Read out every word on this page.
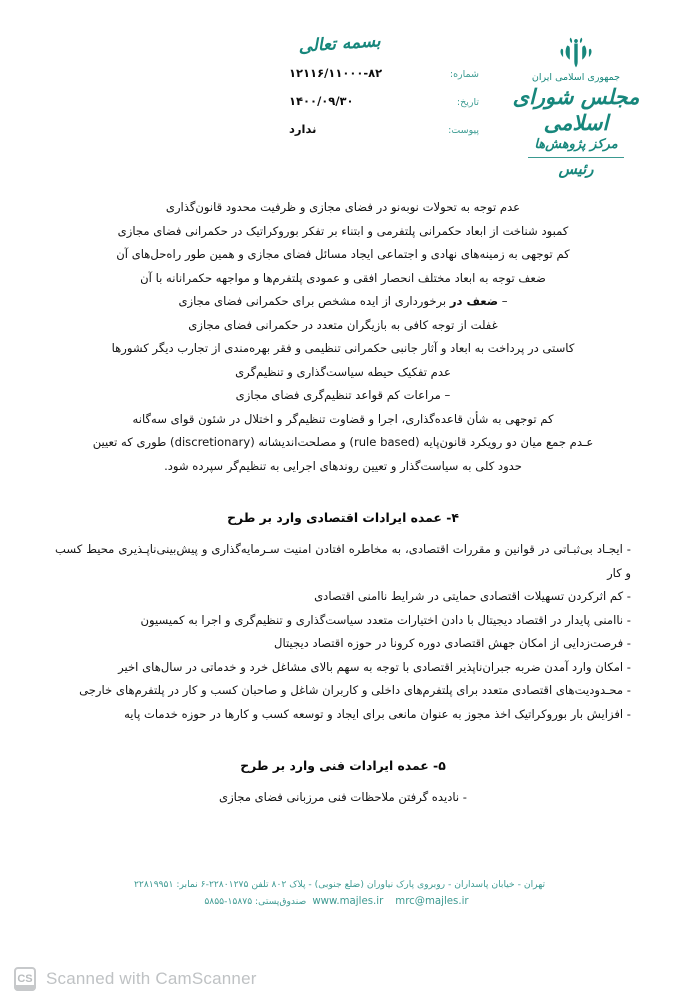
بسمه تعالی
جمهوری اسلامی ایران
مجلس شورای اسلامی
مرکز پژوهش‌ها
رئیس
شماره:
۱۲۱۱۶/۱۱۰۰۰-۸۲
تاریخ:
۱۴۰۰/۰۹/۳۰
پیوست:
ندارد
عدم توجه به تحولات نوبه‌نو در فضای مجازی و ظرفیت محدود قانون‌گذاری
کمبود شناخت از ابعاد حکمرانی پلتفرمی و ابتناء بر تفکر بوروکراتیک در حکمرانی فضای مجازی
کم توجهی به زمینه‌های نهادی و اجتماعی ایجاد مسائل فضای مجازی و همین طور راه‌حل‌های آن
ضعف توجه به ابعاد مختلف انحصار افقی و عمودی پلتفرم‌ها و مواجهه حکمرانانه با آن
– ضعف در برخورداری از ایده مشخص برای حکمرانی فضای مجازی
غفلت از توجه کافی به بازیگران متعدد در حکمرانی فضای مجازی
کاستی در پرداخت به ابعاد و آثار جانبی حکمرانی تنظیمی و فقر بهره‌مندی از تجارب دیگر کشورها
عدم تفکیک حیطه سیاست‌گذاری و تنظیم‌گری
– مراعات کم قواعد تنظیم‌گری فضای مجازی
کم توجهی به شأن قاعده‌گذاری، اجرا و قضاوت تنظیم‌گر و اختلال در شئون قوای سه‌گانه
عـدم جمع میان دو رویکرد قانون‌پایه (rule based) و مصلحت‌اندیشانه (discretionary) طوری که تعیین
حدود کلی به سیاست‌گذار و تعیین روندهای اجرایی به تنظیم‌گر سپرده شود.
۴- عمده ایرادات اقتصادی وارد بر طرح
- ایجـاد بی‌ثبـاتی در قوانین و مقررات اقتصادی، به مخاطره افتادن امنیت سـرمایه‌گذاری و پیش‌بینی‌ناپـذیری محیط کسب و کار
- کم اثرکردن تسهیلات اقتصادی حمایتی در شرایط ناامنی اقتصادی
- ناامنی پایدار در اقتصاد دیجیتال با دادن اختیارات متعدد سیاست‌گذاری و تنظیم‌گری و اجرا به کمیسیون
- فرصت‌زدایی از امکان جهش اقتصادی دوره کرونا در حوزه اقتصاد دیجیتال
- امکان وارد آمدن ضربه جبران‌ناپذیر اقتصادی با توجه به سهم بالای مشاغل خرد و خدماتی در سال‌های اخیر
- محـدودیت‌های اقتصادی متعدد برای پلتفرم‌های داخلی و کاربران شاغل و صاحبان کسب و کار در پلتفرم‌های خارجی
- افزایش بار بوروکراتیک اخذ مجوز به عنوان مانعی برای ایجاد و توسعه کسب و کارها در حوزه خدمات پایه
۵- عمده ایرادات فنی وارد بر طرح
- نادیده گرفتن ملاحظات فنی مرزبانی فضای مجازی
تهران - خیابان پاسداران - روبروی پارک نیاوران (ضلع جنوبی) - پلاک ۸۰۲ تلفن ۲۲۸۰۱۲۷۵-۶ نمابر: ۲۲۸۱۹۹۵۱
mrc@majles.irwww.majles.irصندوق‌پستی: ۱۵۸۷۵-۵۸۵۵
CS Scanned with CamScanner
